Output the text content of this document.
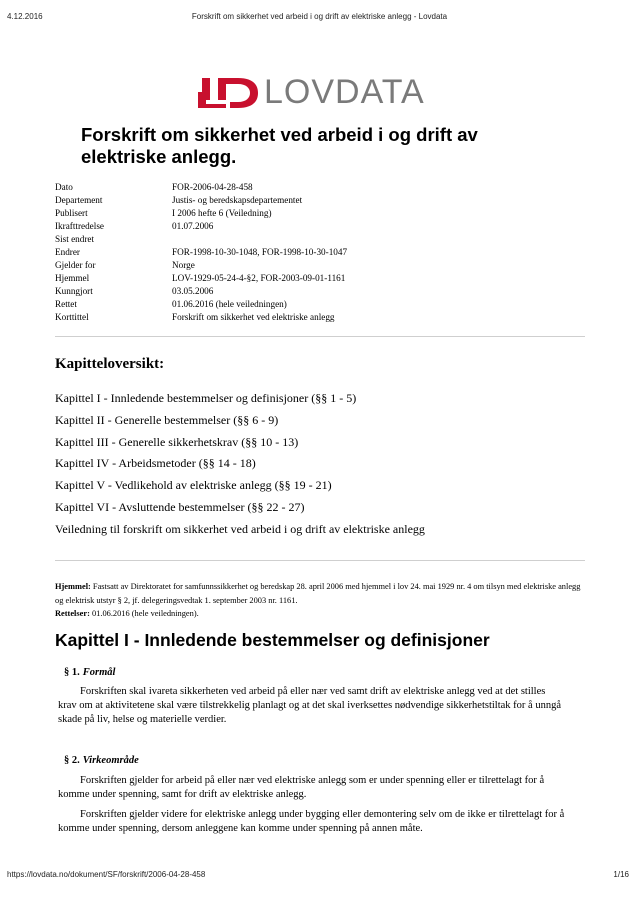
4.12.2016	Forskrift om sikkerhet ved arbeid i og drift av elektriske anlegg - Lovdata
LOVDATA
Forskrift om sikkerhet ved arbeid i og drift av elektriske anlegg.
Dato	FOR-2006-04-28-458
Departement	Justis- og beredskapsdepartementet
Publisert	I 2006 hefte 6 (Veiledning)
Ikrafttredelse	01.07.2006
Sist endret	
Endrer	FOR-1998-10-30-1048, FOR-1998-10-30-1047
Gjelder for	Norge
Hjemmel	LOV-1929-05-24-4-§2, FOR-2003-09-01-1161
Kunngjort	03.05.2006
Rettet	01.06.2016 (hele veiledningen)
Korttittel	Forskrift om sikkerhet ved elektriske anlegg
Kapitteloversikt:
Kapittel I - Innledende bestemmelser og definisjoner (§§ 1 - 5)
Kapittel II - Generelle bestemmelser (§§ 6 - 9)
Kapittel III - Generelle sikkerhetskrav (§§ 10 - 13)
Kapittel IV - Arbeidsmetoder (§§ 14 - 18)
Kapittel V - Vedlikehold av elektriske anlegg (§§ 19 - 21)
Kapittel VI - Avsluttende bestemmelser (§§ 22 - 27)
Veiledning til forskrift om sikkerhet ved arbeid i og drift av elektriske anlegg
Hjemmel: Fastsatt av Direktoratet for samfunnssikkerhet og beredskap 28. april 2006 med hjemmel i lov 24. mai 1929 nr. 4 om tilsyn med elektriske anlegg og elektrisk utstyr § 2, jf. delegeringsvedtak 1. september 2003 nr. 1161.
Rettelser: 01.06.2016 (hele veiledningen).
Kapittel I - Innledende bestemmelser og definisjoner
§ 1. Formål

Forskriften skal ivareta sikkerheten ved arbeid på eller nær ved samt drift av elektriske anlegg ved at det stilles krav om at aktivitetene skal være tilstrekkelig planlagt og at det skal iverksettes nødvendige sikkerhetstiltak for å unngå skade på liv, helse og materielle verdier.

§ 2. Virkeområde

Forskriften gjelder for arbeid på eller nær ved elektriske anlegg som er under spenning eller er tilrettelagt for å komme under spenning, samt for drift av elektriske anlegg.

Forskriften gjelder videre for elektriske anlegg under bygging eller demontering selv om de ikke er tilrettelagt for å komme under spenning, dersom anleggene kan komme under spenning på annen måte.

https://lovdata.no/dokument/SF/forskrift/2006-04-28-458	1/16
